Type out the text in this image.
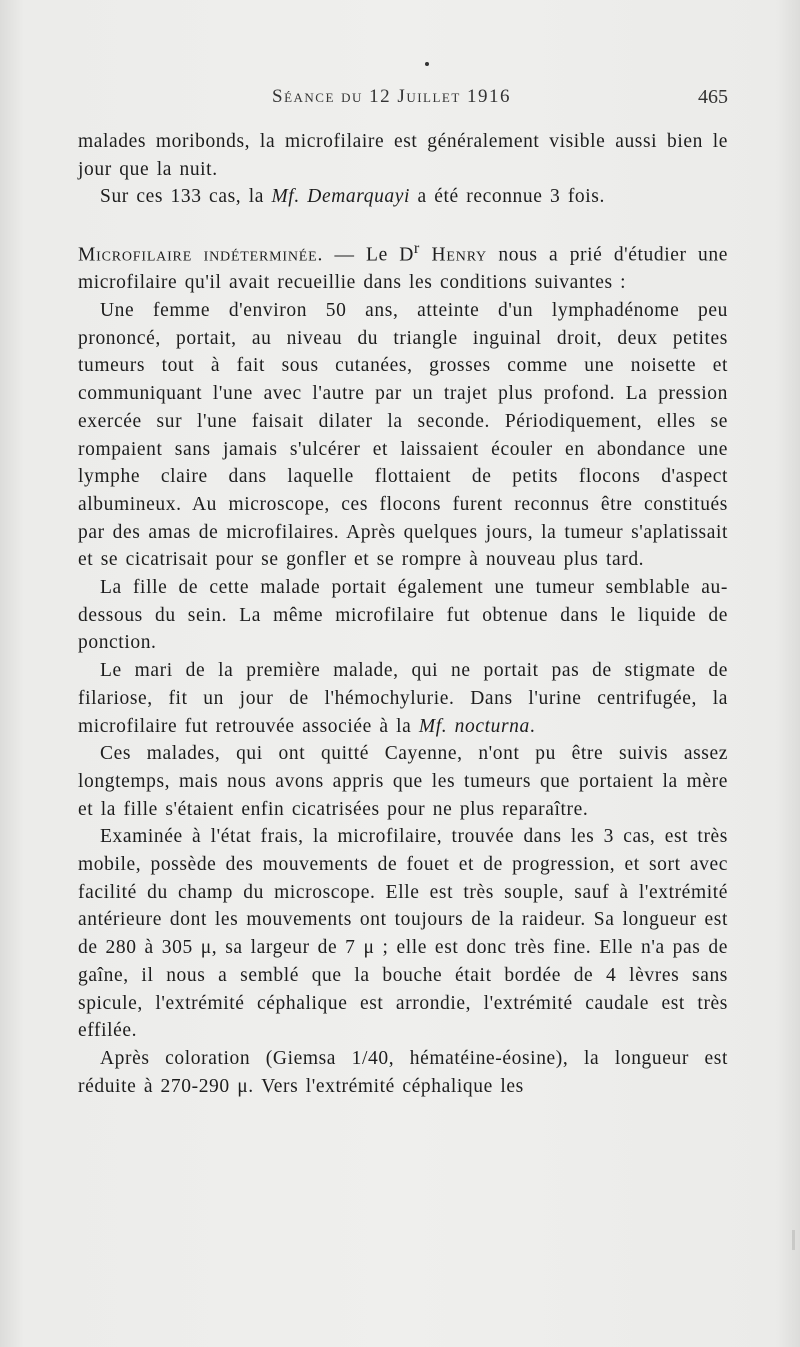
Séance du 12 Juillet 1916	465

malades moribonds, la microfilaire est généralement visible aussi bien le jour que la nuit.

Sur ces 133 cas, la Mf. Demarquayi a été reconnue 3 fois.

Microfilaire indéterminée. — Le $D^r$ Henry nous a prié d'étudier une microfilaire qu'il avait recueillie dans les conditions suivantes :

Une femme d'environ 50 ans, atteinte d'un lymphadénome peu prononcé, portait, au niveau du triangle inguinal droit, deux petites tumeurs tout à fait sous cutanées, grosses comme une noisette et communiquant l'une avec l'autre par un trajet plus profond. La pression exercée sur l'une faisait dilater la seconde. Périodiquement, elles se rompaient sans jamais s'ulcérer et laissaient écouler en abondance une lymphe claire dans laquelle flottaient de petits flocons d'aspect albumineux. Au microscope, ces flocons furent reconnus être constitués par des amas de microfilaires. Après quelques jours, la tumeur s'aplatissait et se cicatrisait pour se gonfler et se rompre à nouveau plus tard.

La fille de cette malade portait également une tumeur semblable au-dessous du sein. La même microfilaire fut obtenue dans le liquide de ponction.

Le mari de la première malade, qui ne portait pas de stigmate de filariose, fit un jour de l'hémochylurie. Dans l'urine centrifugée, la microfilaire fut retrouvée associée à la Mf. nocturna.

Ces malades, qui ont quitté Cayenne, n'ont pu être suivis assez longtemps, mais nous avons appris que les tumeurs que portaient la mère et la fille s'étaient enfin cicatrisées pour ne plus reparaître.

Examinée à l'état frais, la microfilaire, trouvée dans les 3 cas, est très mobile, possède des mouvements de fouet et de progression, et sort avec facilité du champ du microscope. Elle est très souple, sauf à l'extrémité antérieure dont les mouvements ont toujours de la raideur. Sa longueur est de 280 à 305 μ, sa largeur de 7 μ ; elle est donc très fine. Elle n'a pas de gaîne, il nous a semblé que la bouche était bordée de 4 lèvres sans spicule, l'extrémité céphalique est arrondie, l'extrémité caudale est très effilée.

Après coloration (Giemsa 1/40, hématéine-éosine), la longueur est réduite à 270-290 μ. Vers l'extrémité céphalique les
